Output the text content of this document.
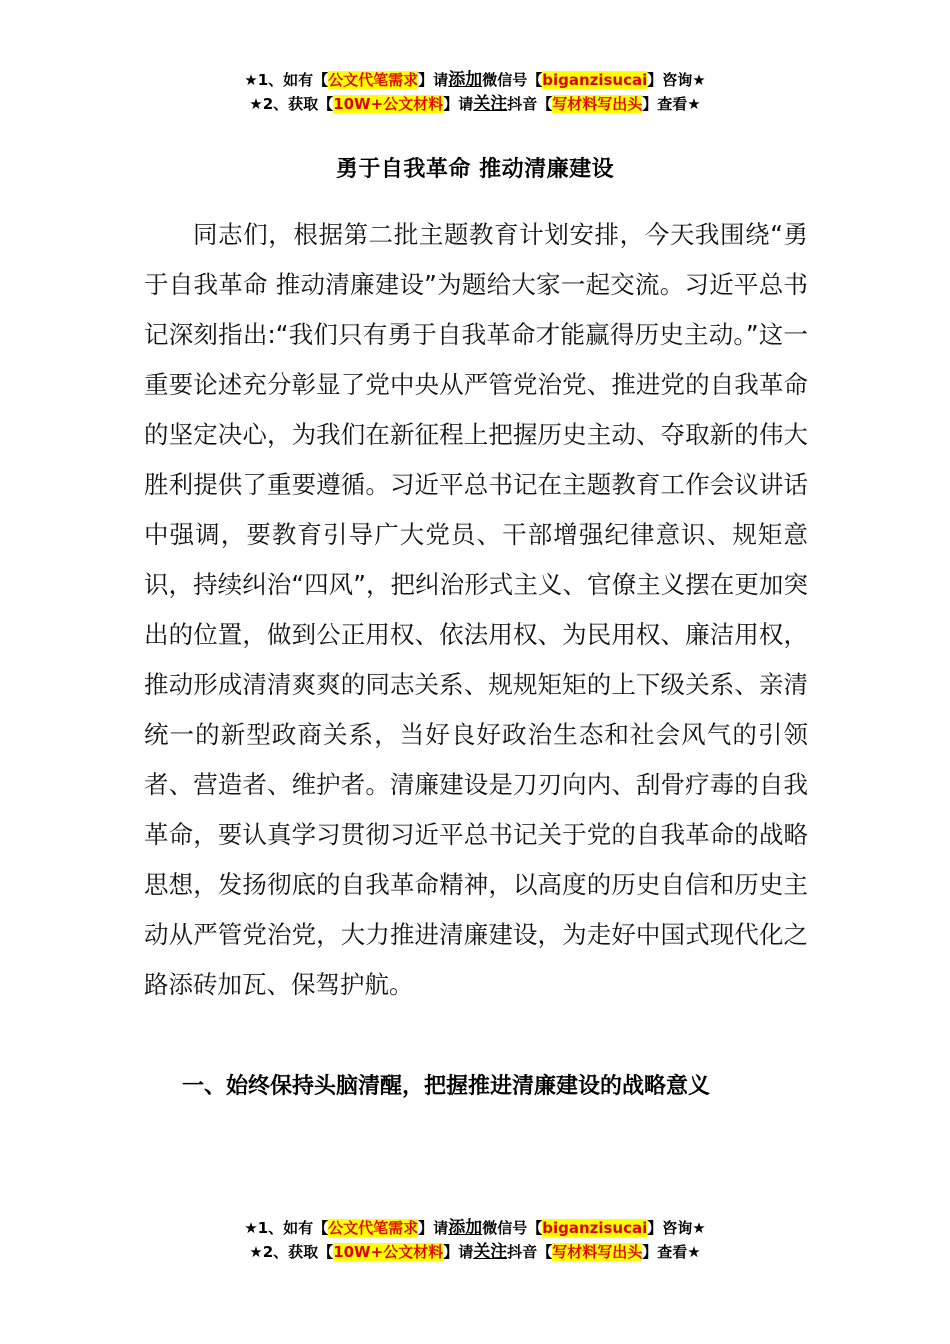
★1、如有【公文代笔需求】请添加微信号【biganzisucai】咨询★
★2、获取【10W+公文材料】请关注抖音【写材料写出头】查看★
勇于自我革命 推动清廉建设
同志们，根据第二批主题教育计划安排，今天我围绕“勇于自我革命 推动清廉建设”为题给大家一起交流。习近平总书记深刻指出:“我们只有勇于自我革命才能赢得历史主动。”这一重要论述充分彰显了党中央从严管党治党、推进党的自我革命的坚定决心，为我们在新征程上把握历史主动、夺取新的伟大胜利提供了重要遵循。习近平总书记在主题教育工作会议讲话中强调，要教育引导广大党员、干部增强纪律意识、规矩意识，持续纠治“四风”，把纠治形式主义、官僚主义摆在更加突出的位置，做到公正用权、依法用权、为民用权、廉洁用权，推动形成清清爽爽的同志关系、规规矩矩的上下级关系、亲清统一的新型政商关系，当好良好政治生态和社会风气的引领者、营造者、维护者。清廉建设是刀刃向内、刮骨疗毒的自我革命，要认真学习贯彻习近平总书记关于党的自我革命的战略思想，发扬彻底的自我革命精神，以高度的历史自信和历史主动从严管党治党，大力推进清廉建设，为走好中国式现代化之路添砖加瓦、保驾护航。
一、始终保持头脑清醒，把握推进清廉建设的战略意义
★1、如有【公文代笔需求】请添加微信号【biganzisucai】咨询★
★2、获取【10W+公文材料】请关注抖音【写材料写出头】查看★
